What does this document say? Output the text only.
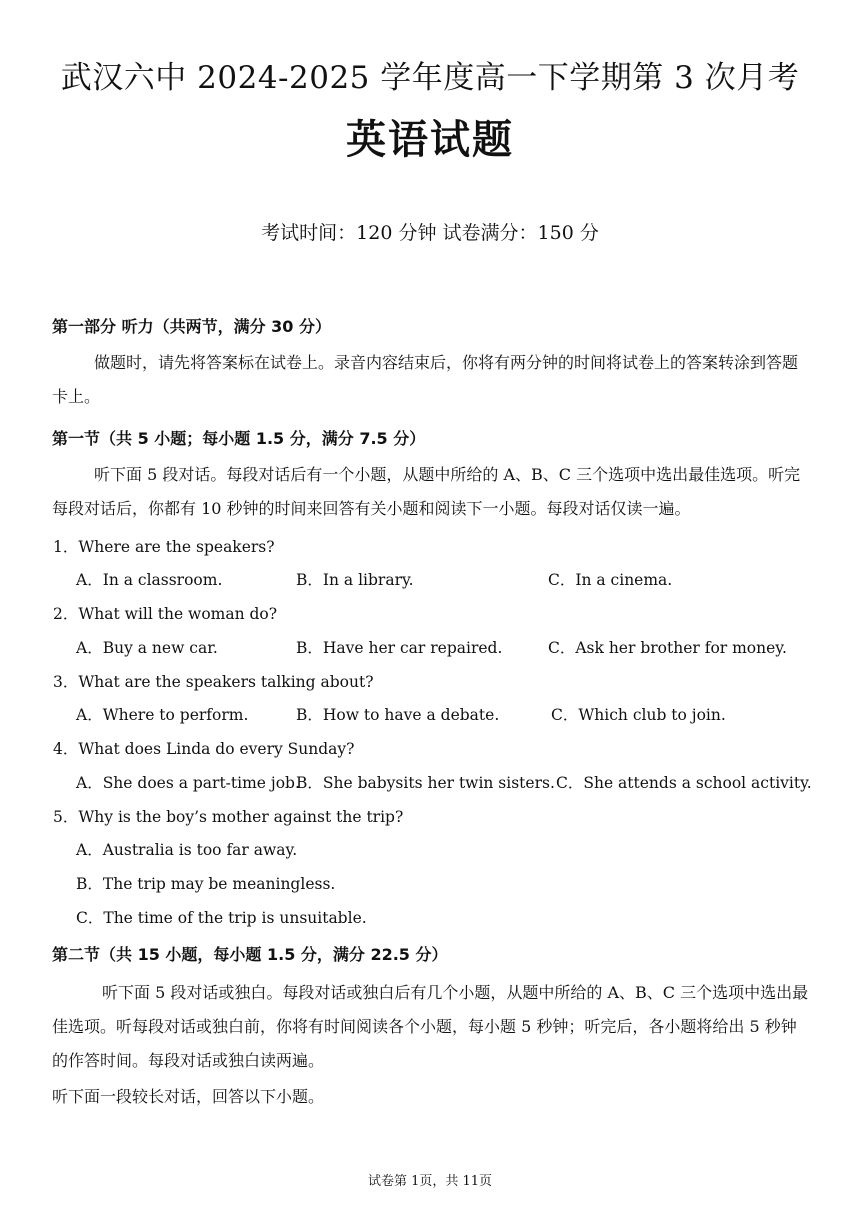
武汉六中 2024-2025 学年度高一下学期第 3 次月考
英语试题
考试时间：120 分钟 试卷满分：150 分
第一部分 听力（共两节，满分 30 分）
做题时，请先将答案标在试卷上。录音内容结束后，你将有两分钟的时间将试卷上的答案转涂到答题卡上。
第一节（共 5 小题；每小题 1.5 分，满分 7.5 分）
听下面 5 段对话。每段对话后有一个小题，从题中所给的 A、B、C 三个选项中选出最佳选项。听完每段对话后，你都有 10 秒钟的时间来回答有关小题和阅读下一小题。每段对话仅读一遍。
1．Where are the speakers?
A．In a classroom.	B．In a library.	C．In a cinema.
2．What will the woman do?
A．Buy a new car.	B．Have her car repaired.	C．Ask her brother for money.
3．What are the speakers talking about?
A．Where to perform.	B．How to have a debate.	C．Which club to join.
4．What does Linda do every Sunday?
A．She does a part-time job.
B．She babysits her twin sisters. C．She attends a school activity.
5．Why is the boy’s mother against the trip?
A．Australia is too far away.
B．The trip may be meaningless.
C．The time of the trip is unsuitable.
第二节（共 15 小题，每小题 1.5 分，满分 22.5 分）
听下面 5 段对话或独白。每段对话或独白后有几个小题，从题中所给的 A、B、C 三个选项中选出最佳选项。听每段对话或独白前，你将有时间阅读各个小题，每小题 5 秒钟；听完后，各小题将给出 5 秒钟的作答时间。每段对话或独白读两遍。
听下面一段较长对话，回答以下小题。
试卷第 1页，共 11页
